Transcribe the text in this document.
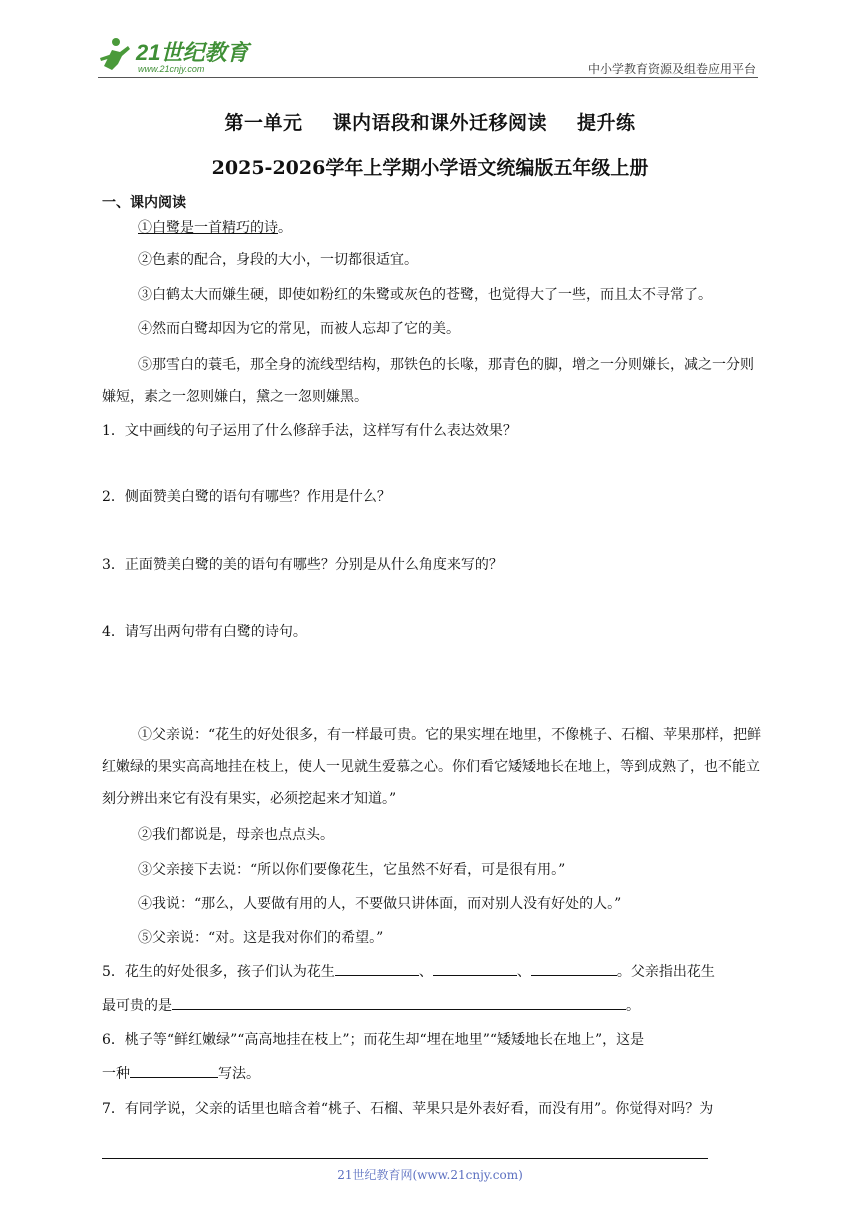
21世纪教育
www.21cnjy.com	中小学教育资源及组卷应用平台
第一单元 课内语段和课外迁移阅读 提升练
2025-2026学年上学期小学语文统编版五年级上册
一、课内阅读
①白鹭是一首精巧的诗。
②色素的配合，身段的大小，一切都很适宜。
③白鹤太大而嫌生硬，即使如粉红的朱鹭或灰色的苍鹭，也觉得大了一些，而且太不寻常了。
④然而白鹭却因为它的常见，而被人忘却了它的美。
⑤那雪白的蓑毛，那全身的流线型结构，那铁色的长喙，那青色的脚，增之一分则嫌长，减之一分则嫌短，素之一忽则嫌白，黛之一忽则嫌黑。
1．文中画线的句子运用了什么修辞手法，这样写有什么表达效果？
2．侧面赞美白鹭的语句有哪些？作用是什么？
3．正面赞美白鹭的美的语句有哪些？分别是从什么角度来写的？
4．请写出两句带有白鹭的诗句。
①父亲说：“花生的好处很多，有一样最可贵。它的果实埋在地里，不像桃子、石榴、苹果那样，把鲜红嫩绿的果实高高地挂在枝上，使人一见就生爱慕之心。你们看它矮矮地长在地上，等到成熟了，也不能立刻分辨出来它有没有果实，必须挖起来才知道。”
②我们都说是，母亲也点点头。
③父亲接下去说：“所以你们要像花生，它虽然不好看，可是很有用。”
④我说：“那么，人要做有用的人，不要做只讲体面，而对别人没有好处的人。”
⑤父亲说：“对。这是我对你们的希望。”
5．花生的好处很多，孩子们认为花生	、	、	。父亲指出花生
最可贵的是	。
6．桃子等“鲜红嫩绿”“高高地挂在枝上”；而花生却“埋在地里”“矮矮地长在地上”，这是
一种	写法。
7．有同学说，父亲的话里也暗含着“桃子、石榴、苹果只是外表好看，而没有用”。你觉得对吗？为
21世纪教育网(www.21cnjy.com)
